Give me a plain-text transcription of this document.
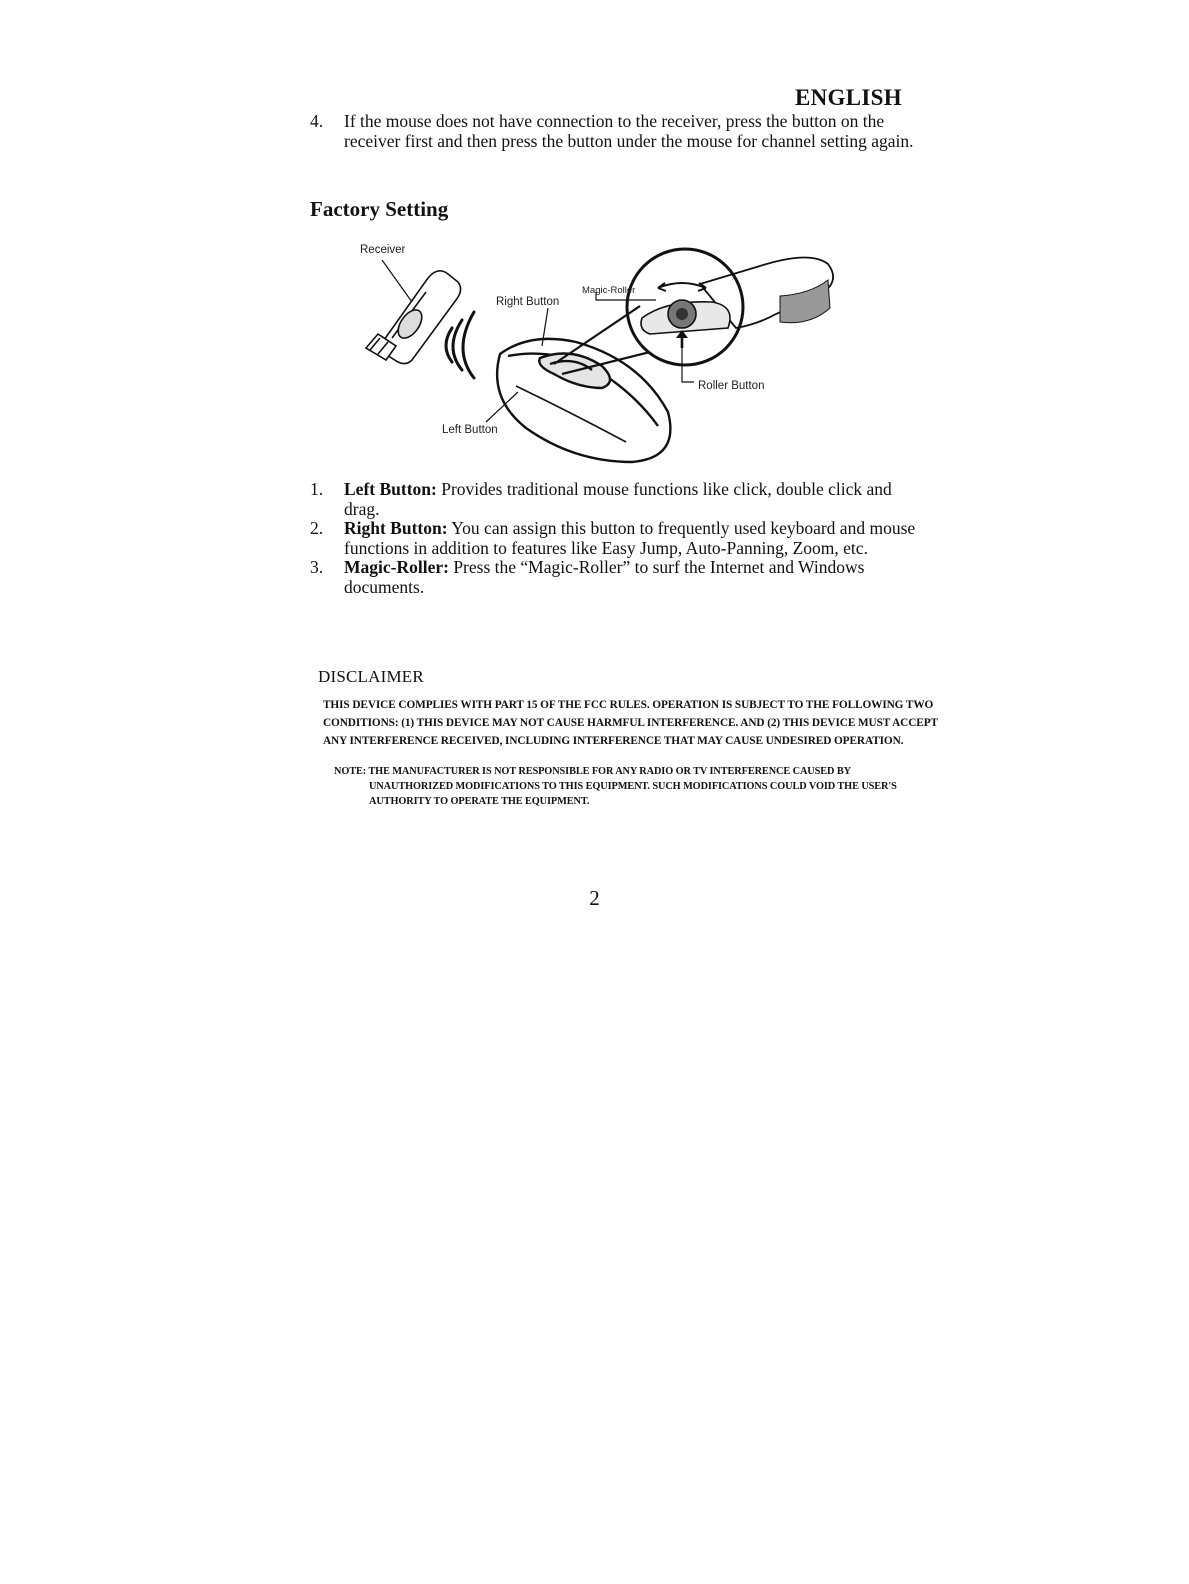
ENGLISH
4. If the mouse does not have connection to the receiver, press the button on the receiver first and then press the button under the mouse for channel setting again.
Factory Setting
Receiver
Right Button
Magic-Roller
Roller Button
Left Button
1. Left Button: Provides traditional mouse functions like click, double click and drag.
2. Right Button: You can assign this button to frequently used keyboard and mouse functions in addition to features like Easy Jump, Auto-Panning, Zoom, etc.
3. Magic-Roller: Press the “Magic-Roller” to surf the Internet and Windows documents.
DISCLAIMER
THIS DEVICE COMPLIES WITH PART 15 OF THE FCC RULES. OPERATION IS SUBJECT TO THE FOLLOWING TWO CONDITIONS: (1) THIS DEVICE MAY NOT CAUSE HARMFUL INTERFERENCE. AND (2) THIS DEVICE MUST ACCEPT ANY INTERFERENCE RECEIVED, INCLUDING INTERFERENCE THAT MAY CAUSE UNDESIRED OPERATION.
NOTE: THE MANUFACTURER IS NOT RESPONSIBLE FOR ANY RADIO OR TV INTERFERENCE CAUSED BY UNAUTHORIZED MODIFICATIONS TO THIS EQUIPMENT. SUCH MODIFICATIONS COULD VOID THE USER'S AUTHORITY TO OPERATE THE EQUIPMENT.
2
